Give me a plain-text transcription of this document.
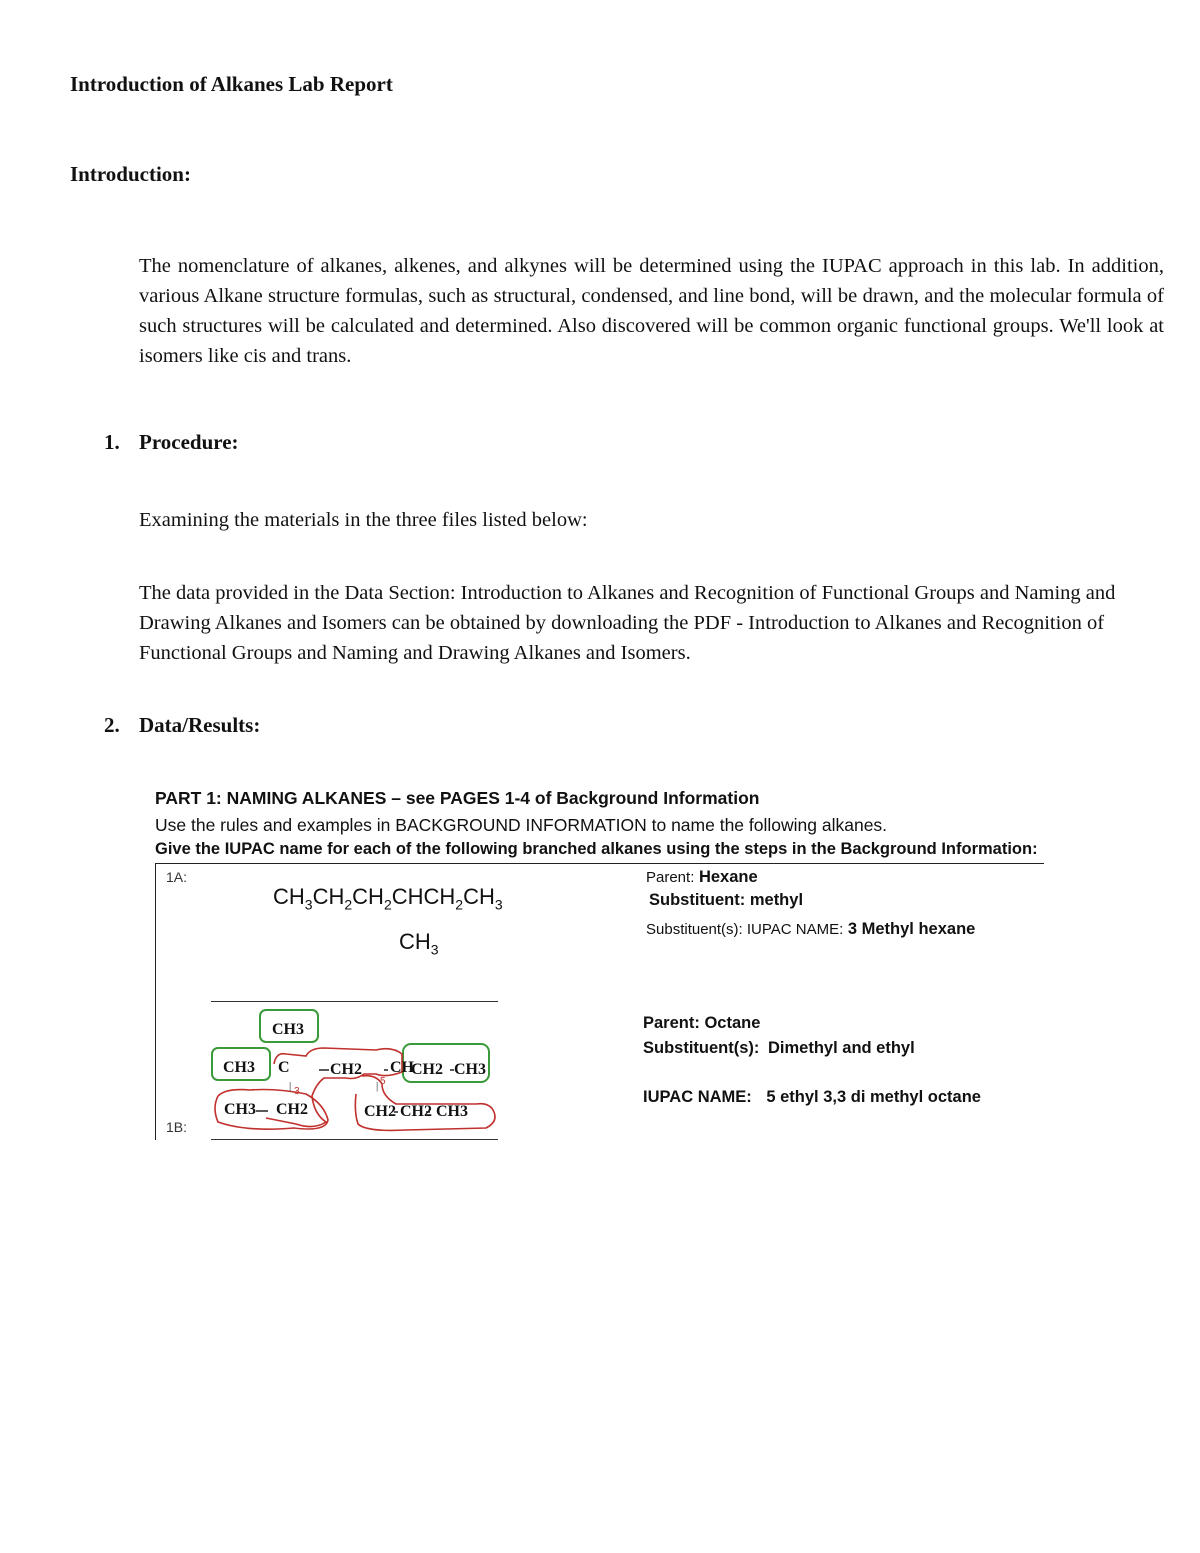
Introduction of Alkanes Lab Report
Introduction:
The nomenclature of alkanes, alkenes, and alkynes will be determined using the IUPAC approach in this lab. In addition, various Alkane structure formulas, such as structural, condensed, and line bond, will be drawn, and the molecular formula of such structures will be calculated and determined. Also discovered will be common organic functional groups. We'll look at isomers like cis and trans.
1. Procedure:
Examining the materials in the three files listed below:
The data provided in the Data Section: Introduction to Alkanes and Recognition of Functional Groups and Naming and Drawing Alkanes and Isomers can be obtained by downloading the PDF - Introduction to Alkanes and Recognition of Functional Groups and Naming and Drawing Alkanes and Isomers.
2. Data/Results:
PART 1: NAMING ALKANES – see PAGES 1-4 of Background Information
Use the rules and examples in BACKGROUND INFORMATION to name the following alkanes.
Give the IUPAC name for each of the following branched alkanes using the steps in the Background Information:
1A:
$CH_3CH_2CH_2CHCH_2CH_3$
$CH_3$
Parent: Hexane
Substituent: methyl
Substituent(s): IUPAC NAME: 3 Methyl hexane
CH3
CH3 C	CH2 CH
CH2 CH3
CH3 CH2	CH2 CH2 CH3
|	|
3
5
1B:
Parent: Octane
Substituent(s): Dimethyl and ethyl
IUPAC NAME: 5 ethyl 3,3 di methyl octane
